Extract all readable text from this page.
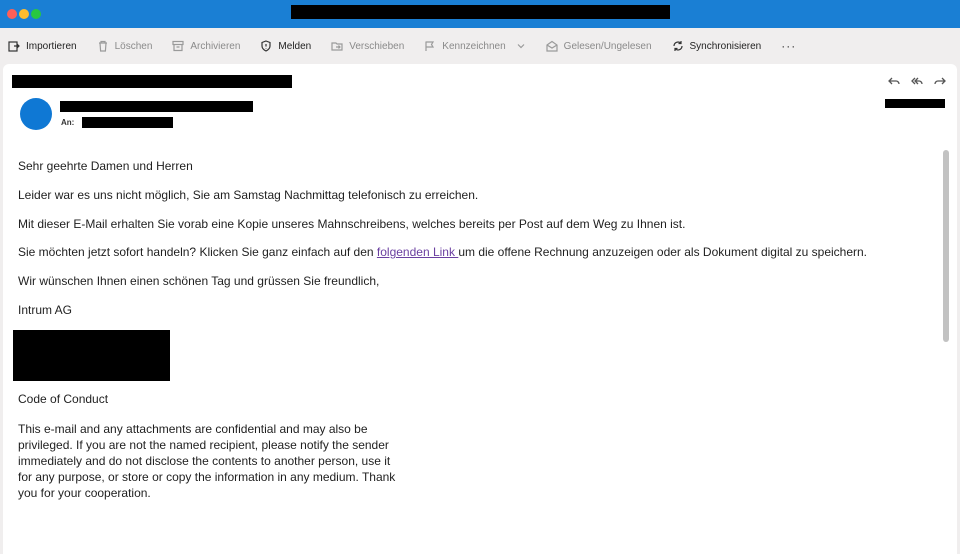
Importieren	Löschen	Archivieren	Melden	Verschieben	Kennzeichnen	Gelesen/Ungelesen	Synchronisieren ···
An:
Sehr geehrte Damen und Herren
Leider war es uns nicht möglich, Sie am Samstag Nachmittag telefonisch zu erreichen.
Mit dieser E-Mail erhalten Sie vorab eine Kopie unseres Mahnschreibens, welches bereits per Post auf dem Weg zu Ihnen ist.
Sie möchten jetzt sofort handeln? Klicken Sie ganz einfach auf den folgenden Link um die offene Rechnung anzuzeigen oder als Dokument digital zu speichern.
Wir wünschen Ihnen einen schönen Tag und grüssen Sie freundlich,
Intrum AG
Code of Conduct
This e-mail and any attachments are confidential and may also be privileged. If you are not the named recipient, please notify the sender immediately and do not disclose the contents to another person, use it for any purpose, or store or copy the information in any medium. Thank you for your cooperation.
